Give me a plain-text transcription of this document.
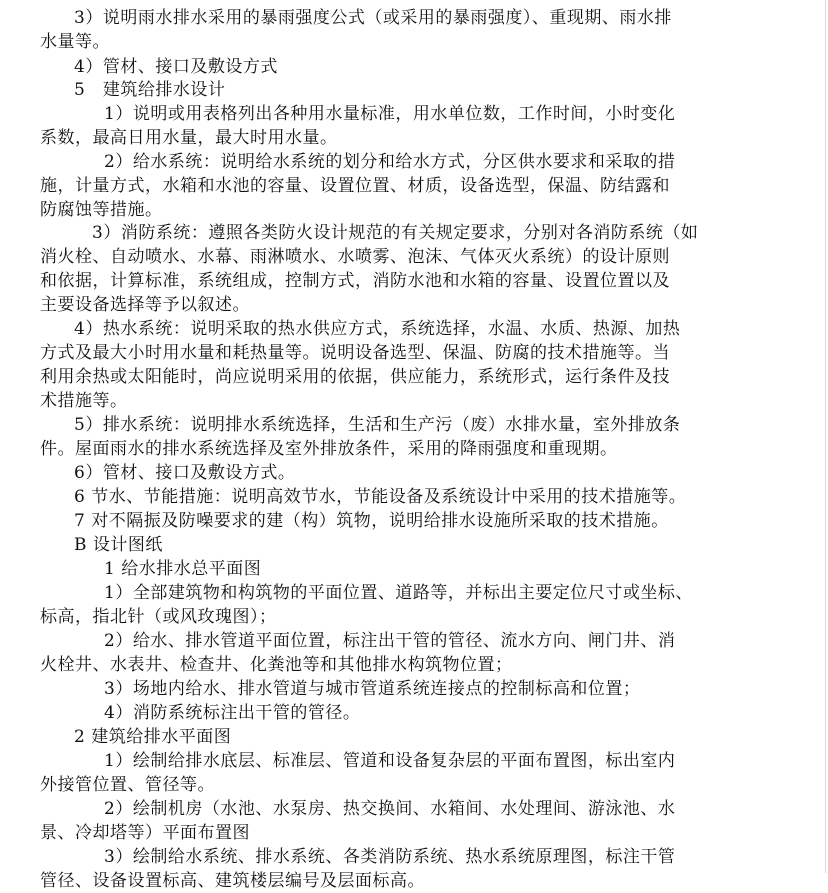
3）说明雨水排水采用的暴雨强度公式（或采用的暴雨强度）、重现期、雨水排
水量等。
4）管材、接口及敷设方式
5　建筑给排水设计
1）说明或用表格列出各种用水量标准，用水单位数，工作时间，小时变化
系数，最高日用水量，最大时用水量。
2）给水系统：说明给水系统的划分和给水方式，分区供水要求和采取的措
施，计量方式，水箱和水池的容量、设置位置、材质，设备选型，保温、防结露和
防腐蚀等措施。
3）消防系统：遵照各类防火设计规范的有关规定要求，分别对各消防系统（如
消火栓、自动喷水、水幕、雨淋喷水、水喷雾、泡沫、气体灭火系统）的设计原则
和依据，计算标准，系统组成，控制方式，消防水池和水箱的容量、设置位置以及
主要设备选择等予以叙述。
4）热水系统：说明采取的热水供应方式，系统选择，水温、水质、热源、加热
方式及最大小时用水量和耗热量等。说明设备选型、保温、防腐的技术措施等。当
利用余热或太阳能时，尚应说明采用的依据，供应能力，系统形式，运行条件及技
术措施等。
5）排水系统：说明排水系统选择，生活和生产污（废）水排水量，室外排放条
件。屋面雨水的排水系统选择及室外排放条件，采用的降雨强度和重现期。
6）管材、接口及敷设方式。
6 节水、节能措施：说明高效节水，节能设备及系统设计中采用的技术措施等。
7 对不隔振及防噪要求的建（构）筑物，说明给排水设施所采取的技术措施。
B 设计图纸
1 给水排水总平面图
1）全部建筑物和构筑物的平面位置、道路等，并标出主要定位尺寸或坐标、
标高，指北针（或风玫瑰图）；
2）给水、排水管道平面位置，标注出干管的管径、流水方向、闸门井、消
火栓井、水表井、检查井、化粪池等和其他排水构筑物位置；
3）场地内给水、排水管道与城市管道系统连接点的控制标高和位置；
4）消防系统标注出干管的管径。
2 建筑给排水平面图
1）绘制给排水底层、标准层、管道和设备复杂层的平面布置图，标出室内
外接管位置、管径等。
2）绘制机房（水池、水泵房、热交换间、水箱间、水处理间、游泳池、水
景、冷却塔等）平面布置图
3）绘制给水系统、排水系统、各类消防系统、热水系统原理图，标注干管
管径、设备设置标高、建筑楼层编号及层面标高。
